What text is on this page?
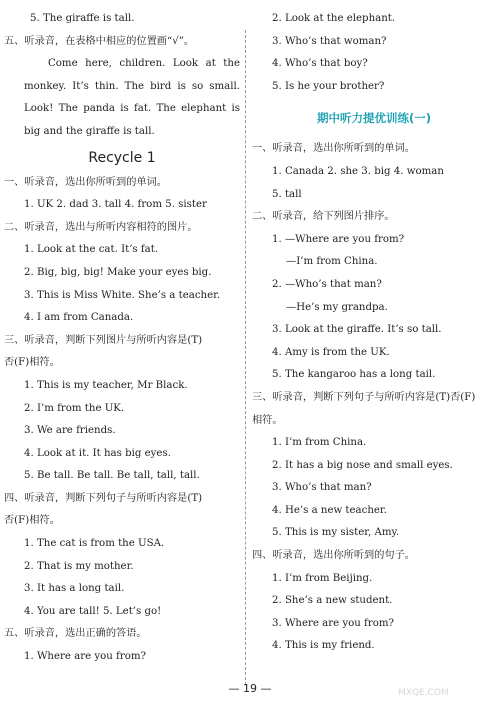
5. The giraffe is tall.
五、听录音，在表格中相应的位置画“√”。
Come here, children. Look at the monkey. It’s thin. The bird is so small. Look! The panda is fat. The elephant is big and the giraffe is tall.
Recycle 1
一、听录音，选出你所听到的单词。
1. UK 2. dad 3. tall 4. from 5. sister
二、听录音，选出与所听内容相符的图片。
1. Look at the cat. It’s fat.
2. Big, big, big! Make your eyes big.
3. This is Miss White. She’s a teacher.
4. I am from Canada.
三、听录音，判断下列图片与所听内容是(T)
否(F)相符。
1. This is my teacher, Mr Black.
2. I’m from the UK.
3. We are friends.
4. Look at it. It has big eyes.
5. Be tall. Be tall. Be tall, tall, tall.
四、听录音，判断下列句子与所听内容是(T)
否(F)相符。
1. The cat is from the USA.
2. That is my mother.
3. It has a long tail.
4. You are tall! 5. Let’s go!
五、听录音，选出正确的答语。
1. Where are you from?
2. Look at the elephant.
3. Who’s that woman?
4. Who’s that boy?
5. Is he your brother?
期中听力提优训练(一)
一、听录音，选出你所听到的单词。
1. Canada 2. she 3. big 4. woman
5. tall
二、听录音，给下列图片排序。
1. —Where are you from?
—I’m from China.
2. —Who’s that man?
—He’s my grandpa.
3. Look at the giraffe. It’s so tall.
4. Amy is from the UK.
5. The kangaroo has a long tail.
三、听录音，判断下列句子与所听内容是(T)否(F)
相符。
1. I’m from China.
2. It has a big nose and small eyes.
3. Who’s that man?
4. He’s a new teacher.
5. This is my sister, Amy.
四、听录音，选出你所听到的句子。
1. I’m from Beijing.
2. She’s a new student.
3. Where are you from?
4. This is my friend.
— 19 —	MXQE.COM
